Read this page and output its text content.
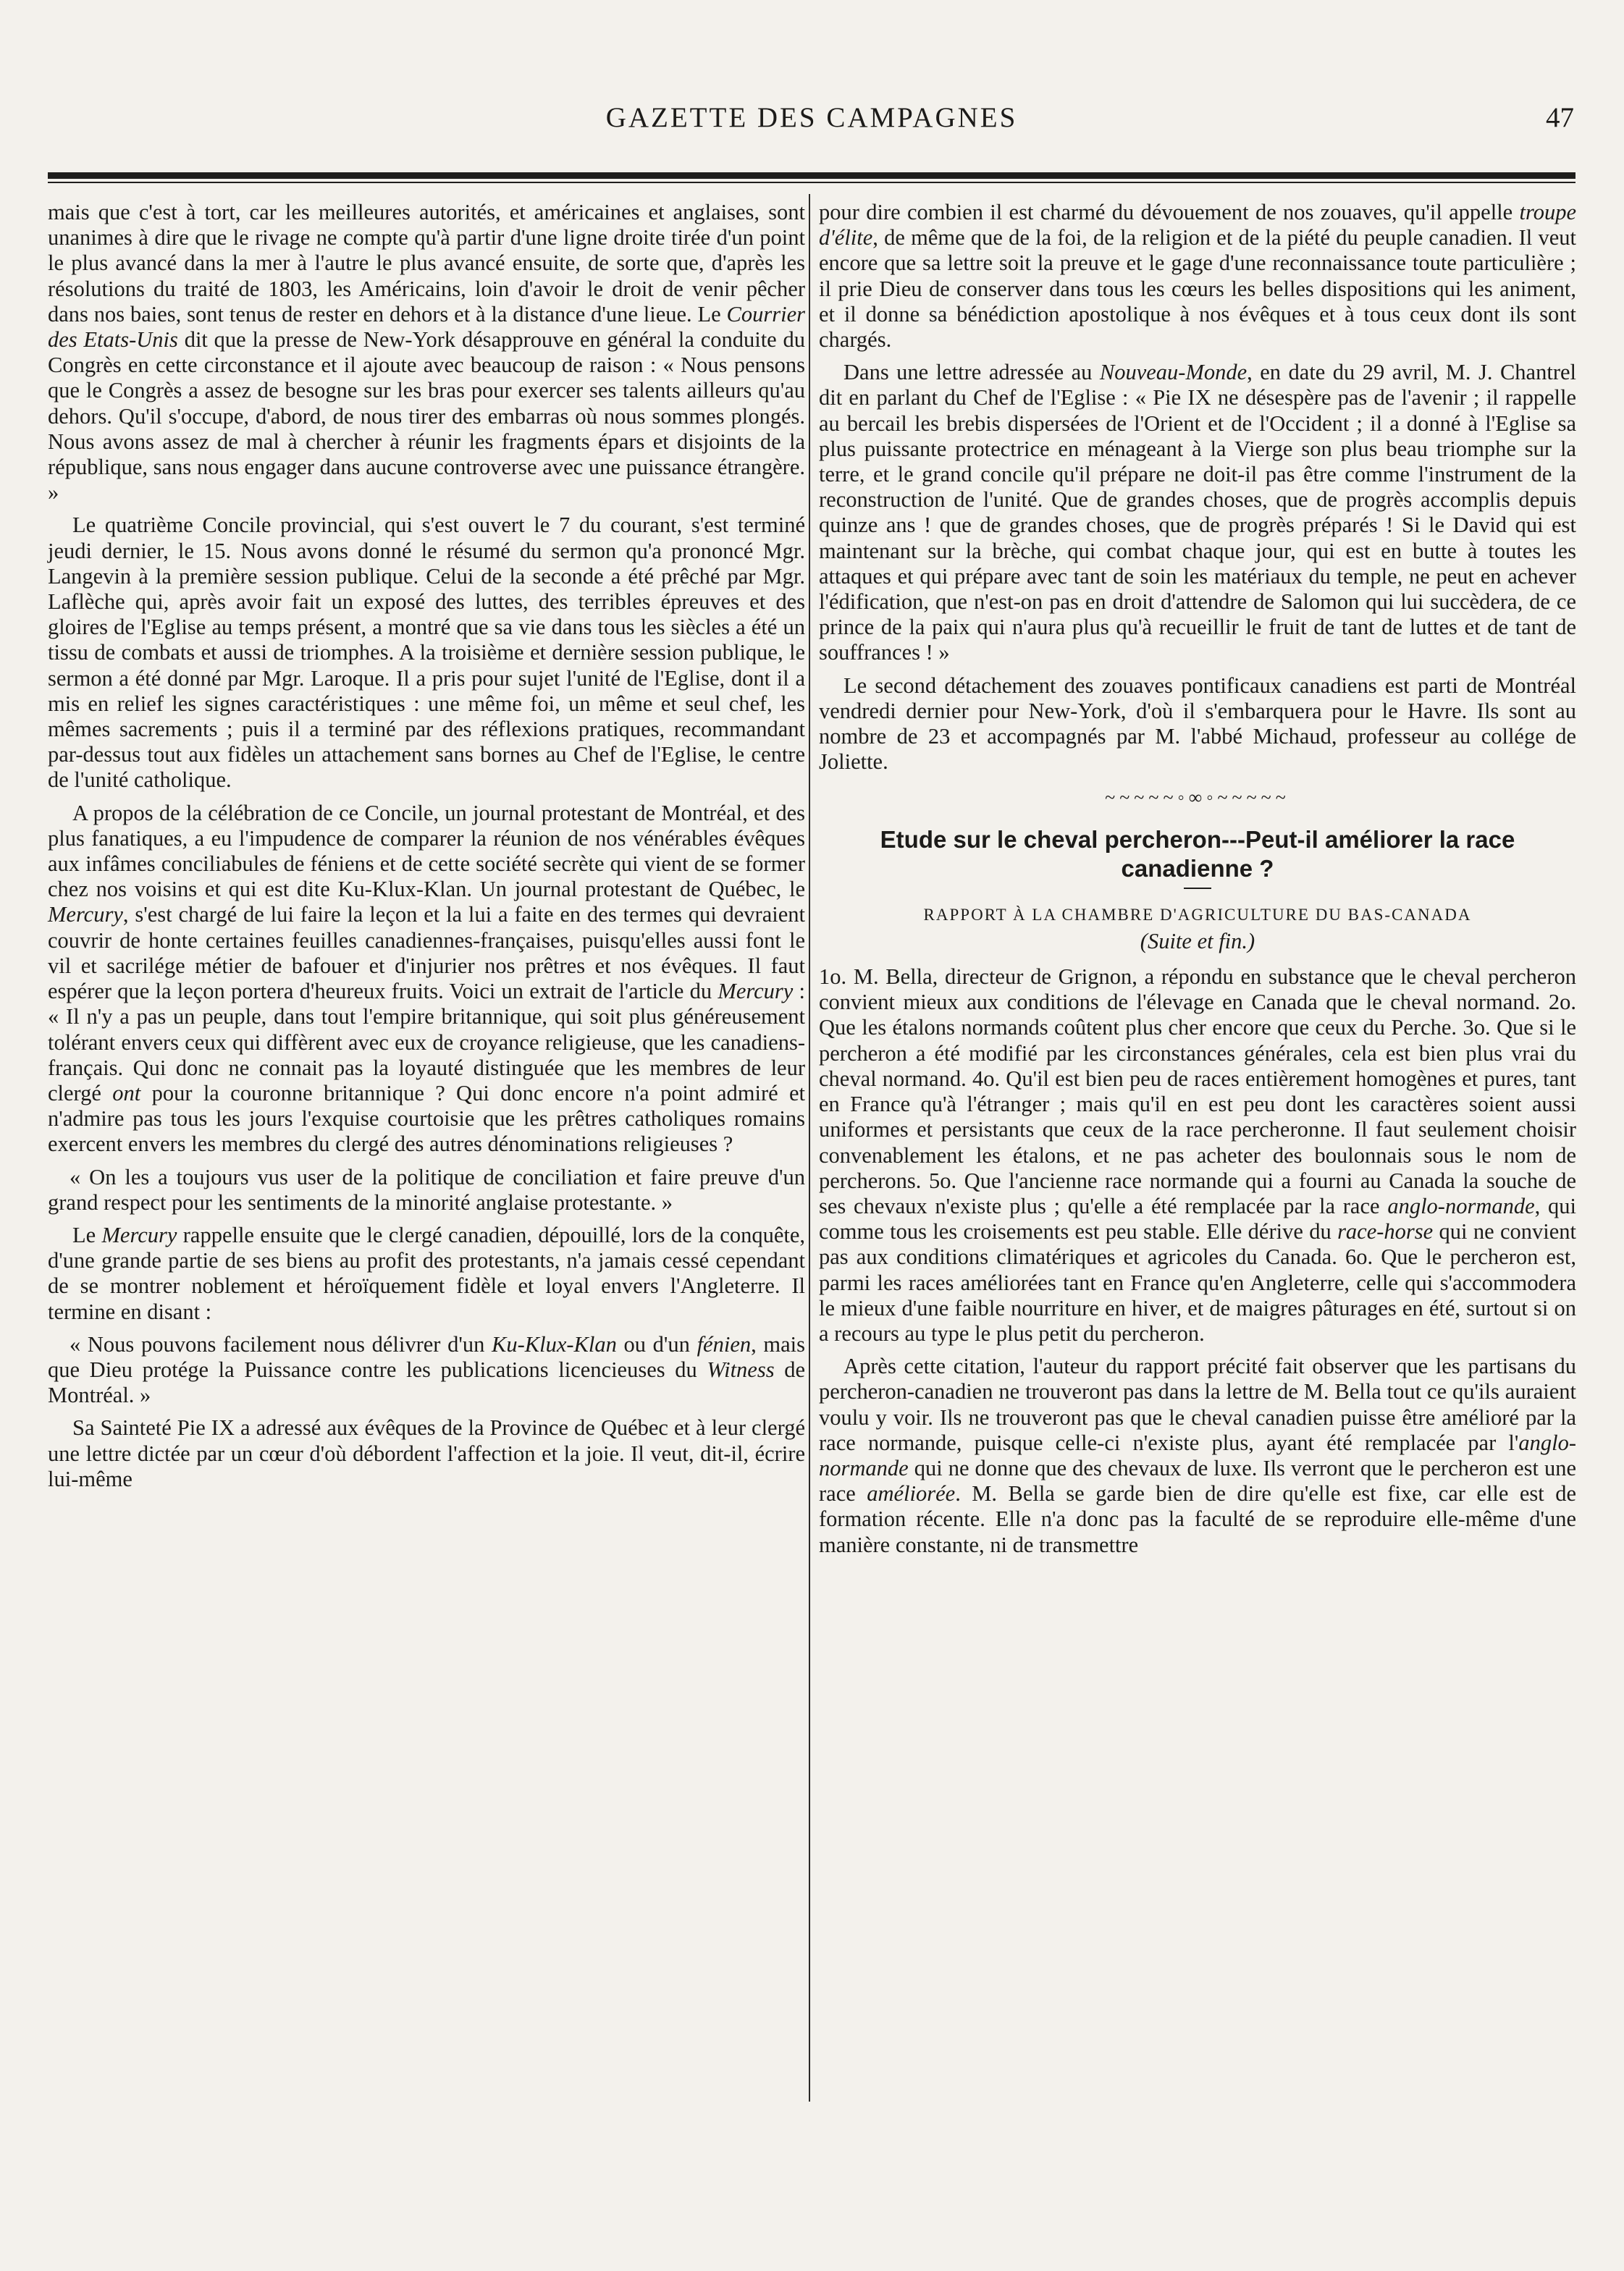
GAZETTE DES CAMPAGNES	47

mais que c'est à tort, car les meilleures autorités, et américaines et anglaises, sont unanimes à dire que le rivage ne compte qu'à partir d'une ligne droite tirée d'un point le plus avancé dans la mer à l'autre le plus avancé ensuite, de sorte que, d'après les résolutions du traité de 1803, les Américains, loin d'avoir le droit de venir pêcher dans nos baies, sont tenus de rester en dehors et à la distance d'une lieue. Le Courrier des Etats-Unis dit que la presse de New-York désapprouve en général la conduite du Congrès en cette circonstance et il ajoute avec beaucoup de raison : « Nous pensons que le Congrès a assez de besogne sur les bras pour exercer ses talents ailleurs qu'au dehors. Qu'il s'occupe, d'abord, de nous tirer des embarras où nous sommes plongés. Nous avons assez de mal à chercher à réunir les fragments épars et disjoints de la république, sans nous engager dans aucune controverse avec une puissance étrangère. »

Le quatrième Concile provincial, qui s'est ouvert le 7 du courant, s'est terminé jeudi dernier, le 15. Nous avons donné le résumé du sermon qu'a prononcé Mgr. Langevin à la première session publique. Celui de la seconde a été prêché par Mgr. Laflèche qui, après avoir fait un exposé des luttes, des terribles épreuves et des gloires de l'Eglise au temps présent, a montré que sa vie dans tous les siècles a été un tissu de combats et aussi de triomphes. A la troisième et dernière session publique, le sermon a été donné par Mgr. Laroque. Il a pris pour sujet l'unité de l'Eglise, dont il a mis en relief les signes caractéristiques : une même foi, un même et seul chef, les mêmes sacrements ; puis il a terminé par des réflexions pratiques, recommandant par-dessus tout aux fidèles un attachement sans bornes au Chef de l'Eglise, le centre de l'unité catholique.

A propos de la célébration de ce Concile, un journal protestant de Montréal, et des plus fanatiques, a eu l'impudence de comparer la réunion de nos vénérables évêques aux infâmes conciliabules de féniens et de cette société secrète qui vient de se former chez nos voisins et qui est dite Ku-Klux-Klan. Un journal protestant de Québec, le Mercury, s'est chargé de lui faire la leçon et la lui a faite en des termes qui devraient couvrir de honte certaines feuilles canadiennes-françaises, puisqu'elles aussi font le vil et sacrilége métier de bafouer et d'injurier nos prêtres et nos évêques. Il faut espérer que la leçon portera d'heureux fruits. Voici un extrait de l'article du Mercury : « Il n'y a pas un peuple, dans tout l'empire britannique, qui soit plus généreusement tolérant envers ceux qui diffèrent avec eux de croyance religieuse, que les canadiens-français. Qui donc ne connait pas la loyauté distinguée que les membres de leur clergé ont pour la couronne britannique ? Qui donc encore n'a point admiré et n'admire pas tous les jours l'exquise courtoisie que les prêtres catholiques romains exercent envers les membres du clergé des autres dénominations religieuses ?

« On les a toujours vus user de la politique de conciliation et faire preuve d'un grand respect pour les sentiments de la minorité anglaise protestante. »

Le Mercury rappelle ensuite que le clergé canadien, dépouillé, lors de la conquête, d'une grande partie de ses biens au profit des protestants, n'a jamais cessé cependant de se montrer noblement et héroïquement fidèle et loyal envers l'Angleterre. Il termine en disant :

« Nous pouvons facilement nous délivrer d'un Ku-Klux-Klan ou d'un fénien, mais que Dieu protége la Puissance contre les publications licencieuses du Witness de Montréal. »

Sa Sainteté Pie IX a adressé aux évêques de la Province de Québec et à leur clergé une lettre dictée par un cœur d'où débordent l'affection et la joie. Il veut, dit-il, écrire lui-même

pour dire combien il est charmé du dévouement de nos zouaves, qu'il appelle troupe d'élite, de même que de la foi, de la religion et de la piété du peuple canadien. Il veut encore que sa lettre soit la preuve et le gage d'une reconnaissance toute particulière ; il prie Dieu de conserver dans tous les cœurs les belles dispositions qui les animent, et il donne sa bénédiction apostolique à nos évêques et à tous ceux dont ils sont chargés.

Dans une lettre adressée au Nouveau-Monde, en date du 29 avril, M. J. Chantrel dit en parlant du Chef de l'Eglise : « Pie IX ne désespère pas de l'avenir ; il rappelle au bercail les brebis dispersées de l'Orient et de l'Occident ; il a donné à l'Eglise sa plus puissante protectrice en ménageant à la Vierge son plus beau triomphe sur la terre, et le grand concile qu'il prépare ne doit-il pas être comme l'instrument de la reconstruction de l'unité. Que de grandes choses, que de progrès accomplis depuis quinze ans ! que de grandes choses, que de progrès préparés ! Si le David qui est maintenant sur la brèche, qui combat chaque jour, qui est en butte à toutes les attaques et qui prépare avec tant de soin les matériaux du temple, ne peut en achever l'édification, que n'est-on pas en droit d'attendre de Salomon qui lui succèdera, de ce prince de la paix qui n'aura plus qu'à recueillir le fruit de tant de luttes et de tant de souffrances ! »

Le second détachement des zouaves pontificaux canadiens est parti de Montréal vendredi dernier pour New-York, d'où il s'embarquera pour le Havre. Ils sont au nombre de 23 et accompagnés par M. l'abbé Michaud, professeur au collége de Joliette.

~~~~~◦∞◦~~~~~
Etude sur le cheval percheron---Peut-il améliorer la race canadienne ?
RAPPORT À LA CHAMBRE D'AGRICULTURE DU BAS-CANADA

(Suite et fin.)

1o. M. Bella, directeur de Grignon, a répondu en substance que le cheval percheron convient mieux aux conditions de l'élevage en Canada que le cheval normand. 2o. Que les étalons normands coûtent plus cher encore que ceux du Perche. 3o. Que si le percheron a été modifié par les circonstances générales, cela est bien plus vrai du cheval normand. 4o. Qu'il est bien peu de races entièrement homogènes et pures, tant en France qu'à l'étranger ; mais qu'il en est peu dont les caractères soient aussi uniformes et persistants que ceux de la race percheronne. Il faut seulement choisir convenablement les étalons, et ne pas acheter des boulonnais sous le nom de percherons. 5o. Que l'ancienne race normande qui a fourni au Canada la souche de ses chevaux n'existe plus ; qu'elle a été remplacée par la race anglo-normande, qui comme tous les croisements est peu stable. Elle dérive du race-horse qui ne convient pas aux conditions climatériques et agricoles du Canada. 6o. Que le percheron est, parmi les races améliorées tant en France qu'en Angleterre, celle qui s'accommodera le mieux d'une faible nourriture en hiver, et de maigres pâturages en été, surtout si on a recours au type le plus petit du percheron.

Après cette citation, l'auteur du rapport précité fait observer que les partisans du percheron-canadien ne trouveront pas dans la lettre de M. Bella tout ce qu'ils auraient voulu y voir. Ils ne trouveront pas que le cheval canadien puisse être amélioré par la race normande, puisque celle-ci n'existe plus, ayant été remplacée par l'anglo-normande qui ne donne que des chevaux de luxe. Ils verront que le percheron est une race améliorée. M. Bella se garde bien de dire qu'elle est fixe, car elle est de formation récente. Elle n'a donc pas la faculté de se reproduire elle-même d'une manière constante, ni de transmettre
